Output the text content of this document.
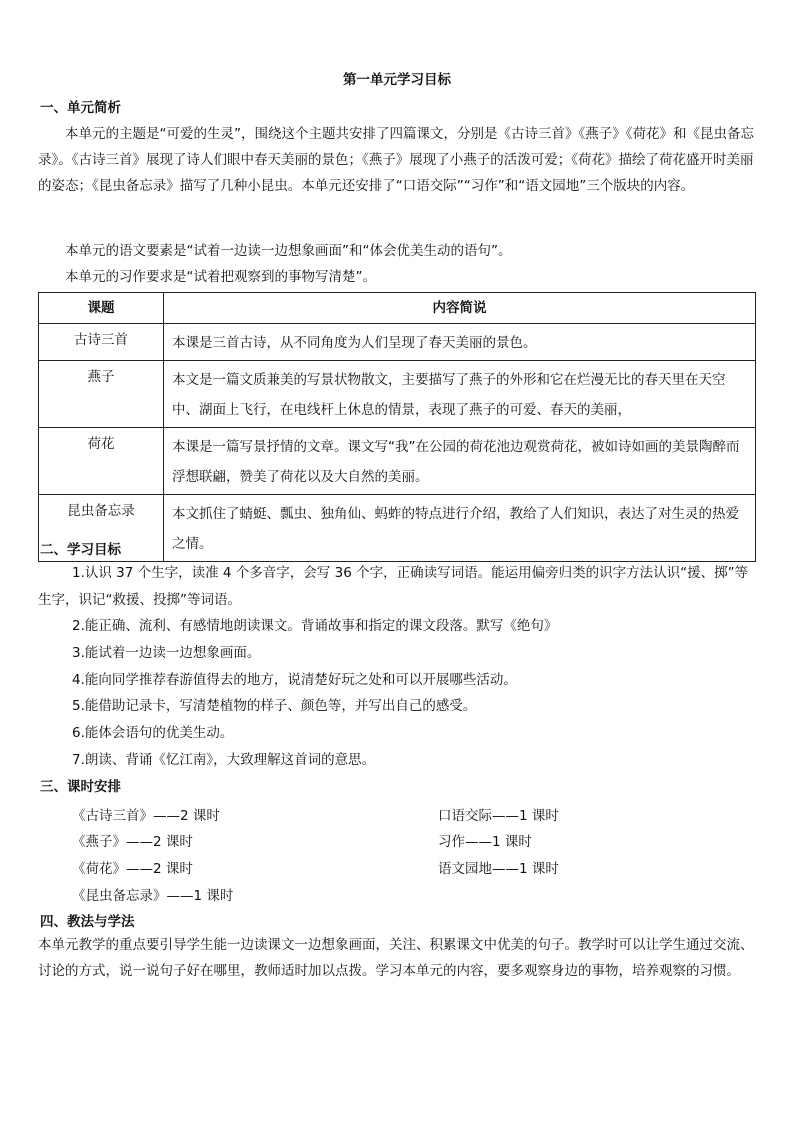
第一单元学习目标
一、单元简析

本单元的主题是“可爱的生灵”，围绕这个主题共安排了四篇课文，分别是《古诗三首》《燕子》《荷花》和《昆虫备忘录》。《古诗三首》展现了诗人们眼中春天美丽的景色；《燕子》展现了小燕子的活泼可爱；《荷花》描绘了荷花盛开时美丽的姿态；《昆虫备忘录》描写了几种小昆虫。本单元还安排了“口语交际”“习作”和“语文园地”三个版块的内容。

本单元的语文要素是“试着一边读一边想象画面”和“体会优美生动的语句”。

本单元的习作要求是“试着把观察到的事物写清楚”。

课题	内容简说
古诗三首	本课是三首古诗，从不同角度为人们呈现了春天美丽的景色。
燕子	本文是一篇文质兼美的写景状物散文，主要描写了燕子的外形和它在烂漫无比的春天里在天空中、湖面上飞行，在电线杆上休息的情景，表现了燕子的可爱、春天的美丽，
荷花	本课是一篇写景抒情的文章。课文写“我”在公园的荷花池边观赏荷花，被如诗如画的美景陶醉而浮想联翩，赞美了荷花以及大自然的美丽。
昆虫备忘录	本文抓住了蜻蜓、瓢虫、独角仙、蚂蚱的特点进行介绍，教给了人们知识，表达了对生灵的热爱之情。
二、学习目标
1.认识 37 个生字，读准 4 个多音字，会写 36 个字，正确读写词语。能运用偏旁归类的识字方法认识“援、掷”等生字，识记“救援、投掷”等词语。
2.能正确、流利、有感情地朗读课文。背诵故事和指定的课文段落。默写《绝句》
3.能试着一边读一边想象画面。
4.能向同学推荐春游值得去的地方，说清楚好玩之处和可以开展哪些活动。
5.能借助记录卡，写清楚植物的样子、颜色等，并写出自己的感受。
6.能体会语句的优美生动。
7.朗读、背诵《忆江南》，大致理解这首词的意思。
三、课时安排
《古诗三首》——2 课时
《燕子》——2 课时
《荷花》——2 课时
《昆虫备忘录》——1 课时
口语交际——1 课时
习作——1 课时
语文园地——1 课时
四、教法与学法

本单元教学的重点要引导学生能一边读课文一边想象画面，关注、积累课文中优美的句子。教学时可以让学生通过交流、讨论的方式，说一说句子好在哪里，教师适时加以点拨。学习本单元的内容，要多观察身边的事物，培养观察的习惯。
